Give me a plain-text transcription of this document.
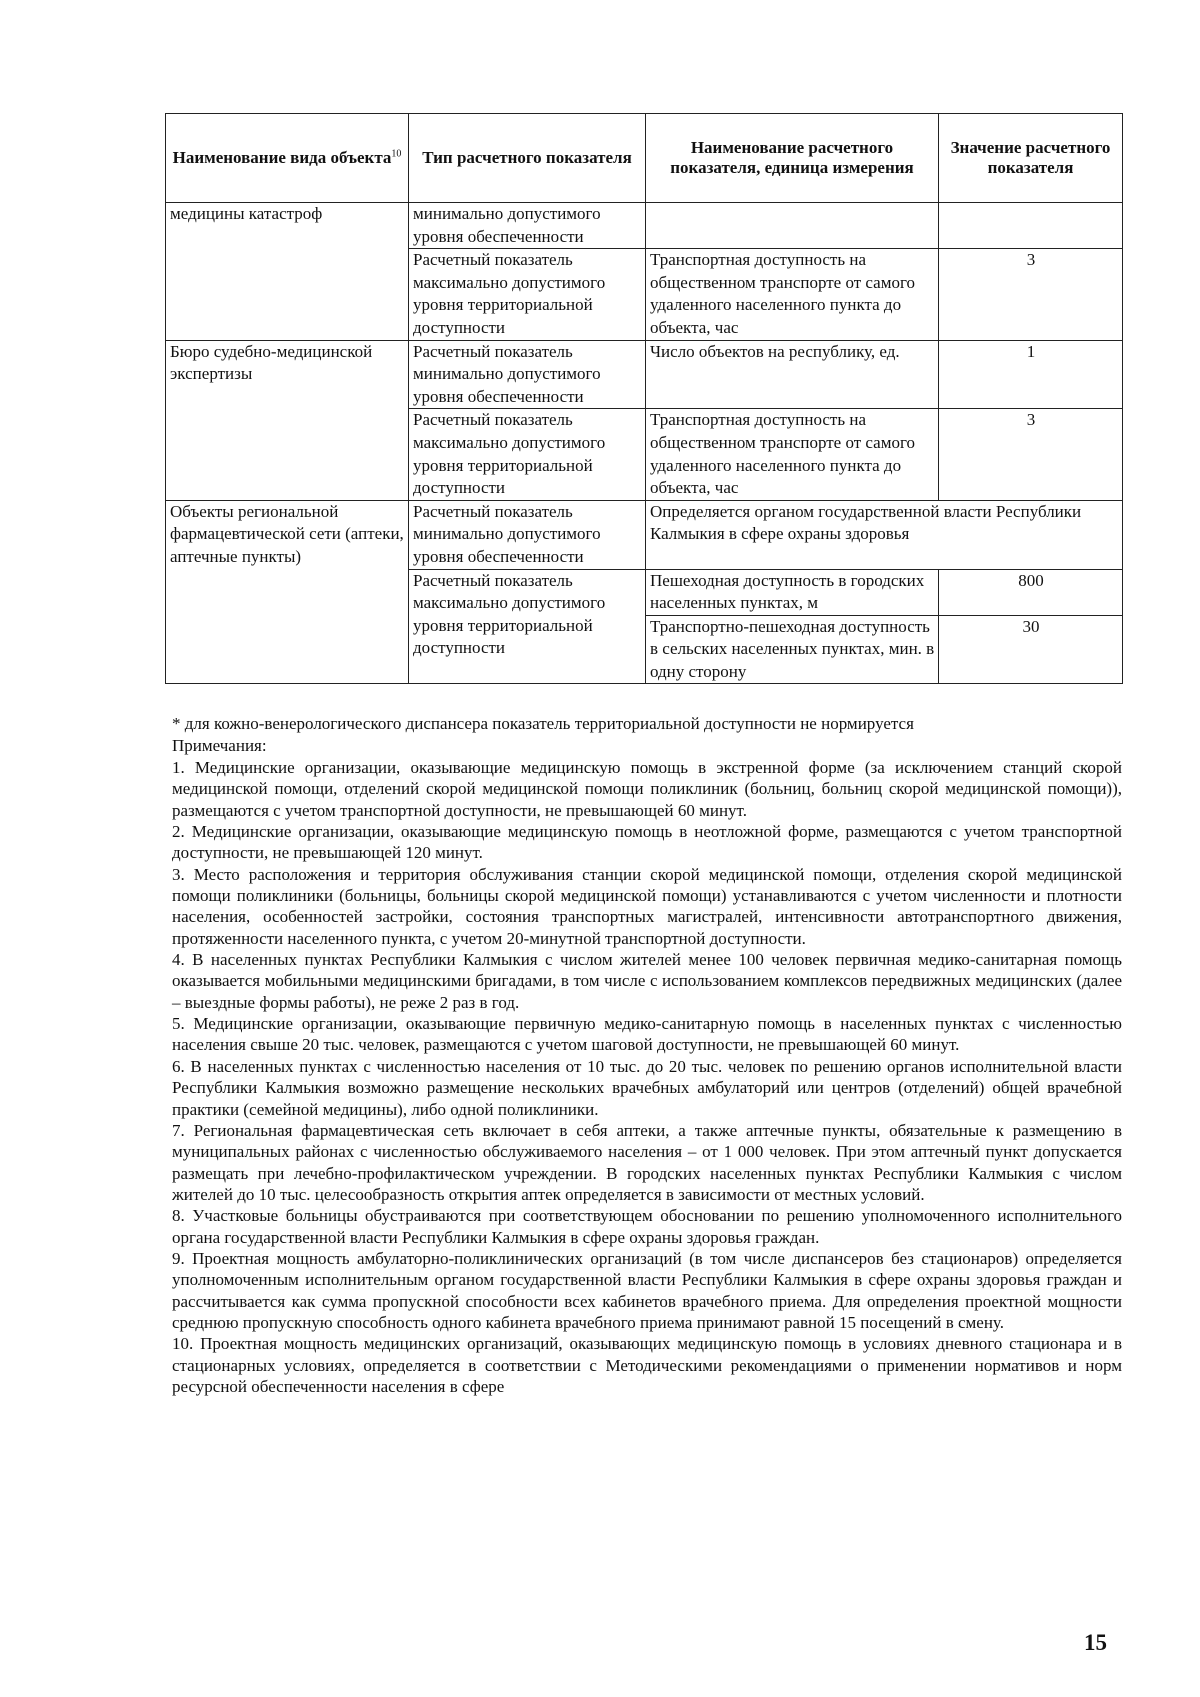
Наименование вида объекта$^{10}$	Тип расчетного показателя	Наименование расчетного показателя, единица измерения	Значение расчетного показателя
медицины катастроф	минимально допустимого уровня обеспеченности		
	Расчетный показатель максимально допустимого уровня территориальной доступности	Транспортная доступность на общественном транспорте от самого удаленного населенного пункта до объекта, час	3
Бюро судебно-медицинской экспертизы	Расчетный показатель минимально допустимого уровня обеспеченности	Число объектов на республику, ед.	1
	Расчетный показатель максимально допустимого уровня территориальной доступности	Транспортная доступность на общественном транспорте от самого удаленного населенного пункта до объекта, час	3
Объекты региональной фармацевтической сети (аптеки, аптечные пункты)	Расчетный показатель минимально допустимого уровня обеспеченности	Определяется органом государственной власти Республики Калмыкия в сфере охраны здоровья	
	Расчетный показатель максимально допустимого уровня территориальной доступности	Пешеходная доступность в городских населенных пунктах, м	800
		Транспортно-пешеходная доступность в сельских населенных пунктах, мин. в одну сторону	30
* для кожно-венерологического диспансера показатель территориальной доступности не нормируется
Примечания:

1. Медицинские организации, оказывающие медицинскую помощь в экстренной форме (за исключением станций скорой медицинской помощи, отделений скорой медицинской помощи поликлиник (больниц, больниц скорой медицинской помощи)), размещаются с учетом транспортной доступности, не превышающей 60 минут.

2. Медицинские организации, оказывающие медицинскую помощь в неотложной форме, размещаются с учетом транспортной доступности, не превышающей 120 минут.

3. Место расположения и территория обслуживания станции скорой медицинской помощи, отделения скорой медицинской помощи поликлиники (больницы, больницы скорой медицинской помощи) устанавливаются с учетом численности и плотности населения, особенностей застройки, состояния транспортных магистралей, интенсивности автотранспортного движения, протяженности населенного пункта, с учетом 20-минутной транспортной доступности.

4. В населенных пунктах Республики Калмыкия с числом жителей менее 100 человек первичная медико-санитарная помощь оказывается мобильными медицинскими бригадами, в том числе с использованием комплексов передвижных медицинских (далее – выездные формы работы), не реже 2 раз в год.

5. Медицинские организации, оказывающие первичную медико-санитарную помощь в населенных пунктах с численностью населения свыше 20 тыс. человек, размещаются с учетом шаговой доступности, не превышающей 60 минут.

6. В населенных пунктах с численностью населения от 10 тыс. до 20 тыс. человек по решению органов исполнительной власти Республики Калмыкия возможно размещение нескольких врачебных амбулаторий или центров (отделений) общей врачебной практики (семейной медицины), либо одной поликлиники.

7. Региональная фармацевтическая сеть включает в себя аптеки, а также аптечные пункты, обязательные к размещению в муниципальных районах с численностью обслуживаемого населения – от 1 000 человек. При этом аптечный пункт допускается размещать при лечебно-профилактическом учреждении. В городских населенных пунктах Республики Калмыкия с числом жителей до 10 тыс. целесообразность открытия аптек определяется в зависимости от местных условий.

8. Участковые больницы обустраиваются при соответствующем обосновании по решению уполномоченного исполнительного органа государственной власти Республики Калмыкия в сфере охраны здоровья граждан.

9. Проектная мощность амбулаторно-поликлинических организаций (в том числе диспансеров без стационаров) определяется уполномоченным исполнительным органом государственной власти Республики Калмыкия в сфере охраны здоровья граждан и рассчитывается как сумма пропускной способности всех кабинетов врачебного приема. Для определения проектной мощности среднюю пропускную способность одного кабинета врачебного приема принимают равной 15 посещений в смену.

10. Проектная мощность медицинских организаций, оказывающих медицинскую помощь в условиях дневного стационара и в стационарных условиях, определяется в соответствии с Методическими рекомендациями о применении нормативов и норм ресурсной обеспеченности населения в сфере

15
